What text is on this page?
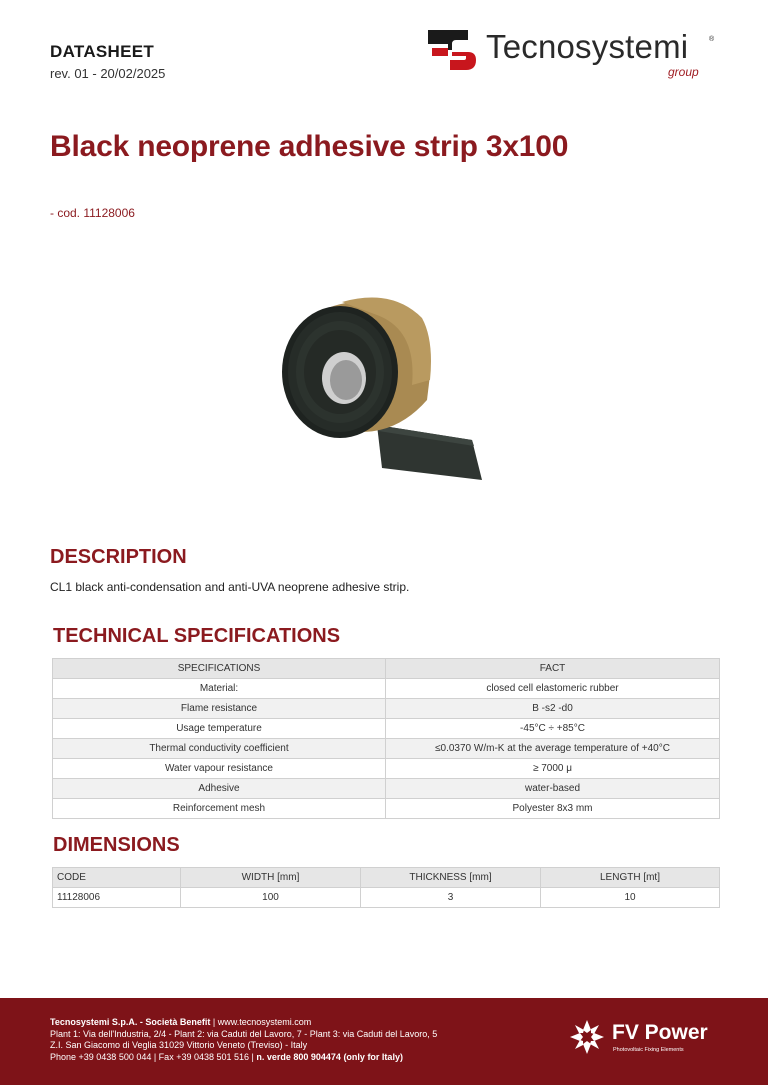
DATASHEET
rev. 01 - 20/02/2025
Tecnosystemi	®
group
Black neoprene adhesive strip 3x100
- cod. 11128006
DESCRIPTION
CL1 black anti-condensation and anti-UVA neoprene adhesive strip.
TECHNICAL SPECIFICATIONS
SPECIFICATIONS	FACT
Material:	closed cell elastomeric rubber
Flame resistance	B -s2 -d0
Usage temperature	-45°C ÷ +85°C
Thermal conductivity coefficient	≤0.0370 W/m-K at the average temperature of +40°C
Water vapour resistance	≥ 7000 μ
Adhesive	water-based
Reinforcement mesh	Polyester 8x3 mm
DIMENSIONS
CODE	WIDTH [mm]	THICKNESS [mm]	LENGTH [mt]
11128006	100	3	10
Tecnosystemi S.p.A. - Società Benefit | www.tecnosystemi.com
Plant 1: Via dell'Industria, 2/4 - Plant 2: via Caduti del Lavoro, 7 - Plant 3: via Caduti del Lavoro, 5
Z.I. San Giacomo di Veglia 31029 Vittorio Veneto (Treviso) - Italy
Phone +39 0438 500 044 | Fax +39 0438 501 516 | n. verde 800 904474 (only for Italy)
FV Power
Photovoltaic Fixing Elements
